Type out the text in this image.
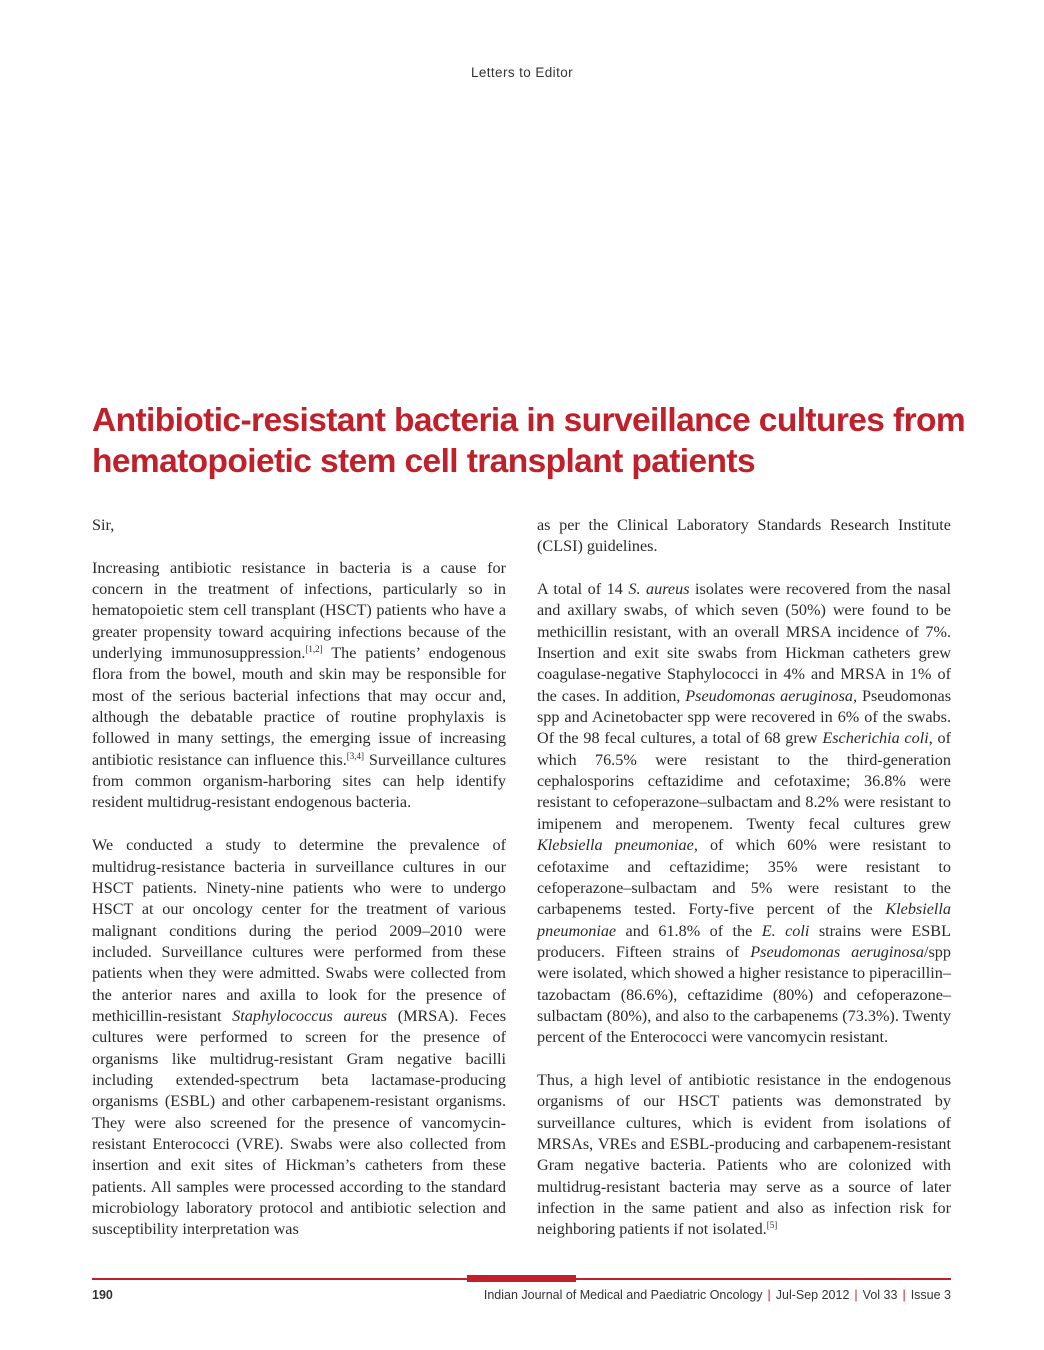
Letters to Editor
Antibiotic-resistant bacteria in surveillance cultures from hematopoietic stem cell transplant patients

Sir,

Increasing antibiotic resistance in bacteria is a cause for concern in the treatment of infections, particularly so in hematopoietic stem cell transplant (HSCT) patients who have a greater propensity toward acquiring infections because of the underlying immunosuppression.[1,2] The patients’ endogenous flora from the bowel, mouth and skin may be responsible for most of the serious bacterial infections that may occur and, although the debatable practice of routine prophylaxis is followed in many settings, the emerging issue of increasing antibiotic resistance can influence this.[3,4] Surveillance cultures from common organism-harboring sites can help identify resident multidrug-resistant endogenous bacteria.

We conducted a study to determine the prevalence of multidrug-resistance bacteria in surveillance cultures in our HSCT patients. Ninety-nine patients who were to undergo HSCT at our oncology center for the treatment of various malignant conditions during the period 2009–2010 were included. Surveillance cultures were performed from these patients when they were admitted. Swabs were collected from the anterior nares and axilla to look for the presence of methicillin-resistant Staphylococcus aureus (MRSA). Feces cultures were performed to screen for the presence of organisms like multidrug-resistant Gram negative bacilli including extended-spectrum beta lactamase-producing organisms (ESBL) and other carbapenem-resistant organisms. They were also screened for the presence of vancomycin-resistant Enterococci (VRE). Swabs were also collected from insertion and exit sites of Hickman’s catheters from these patients. All samples were processed according to the standard microbiology laboratory protocol and antibiotic selection and susceptibility interpretation was

as per the Clinical Laboratory Standards Research Institute (CLSI) guidelines.

A total of 14 S. aureus isolates were recovered from the nasal and axillary swabs, of which seven (50%) were found to be methicillin resistant, with an overall MRSA incidence of 7%. Insertion and exit site swabs from Hickman catheters grew coagulase-negative Staphylococci in 4% and MRSA in 1% of the cases. In addition, Pseudomonas aeruginosa, Pseudomonas spp and Acinetobacter spp were recovered in 6% of the swabs. Of the 98 fecal cultures, a total of 68 grew Escherichia coli, of which 76.5% were resistant to the third-generation cephalosporins ceftazidime and cefotaxime; 36.8% were resistant to cefoperazone–sulbactam and 8.2% were resistant to imipenem and meropenem. Twenty fecal cultures grew Klebsiella pneumoniae, of which 60% were resistant to cefotaxime and ceftazidime; 35% were resistant to cefoperazone–sulbactam and 5% were resistant to the carbapenems tested. Forty-five percent of the Klebsiella pneumoniae and 61.8% of the E. coli strains were ESBL producers. Fifteen strains of Pseudomonas aeruginosa/spp were isolated, which showed a higher resistance to piperacillin–tazobactam (86.6%), ceftazidime (80%) and cefoperazone–sulbactam (80%), and also to the carbapenems (73.3%). Twenty percent of the Enterococci were vancomycin resistant.

Thus, a high level of antibiotic resistance in the endogenous organisms of our HSCT patients was demonstrated by surveillance cultures, which is evident from isolations of MRSAs, VREs and ESBL-producing and carbapenem-resistant Gram negative bacteria. Patients who are colonized with multidrug-resistant bacteria may serve as a source of later infection in the same patient and also as infection risk for neighboring patients if not isolated.[5]

190	Indian Journal of Medical and Paediatric Oncology | Jul-Sep 2012 | Vol 33 | Issue 3
